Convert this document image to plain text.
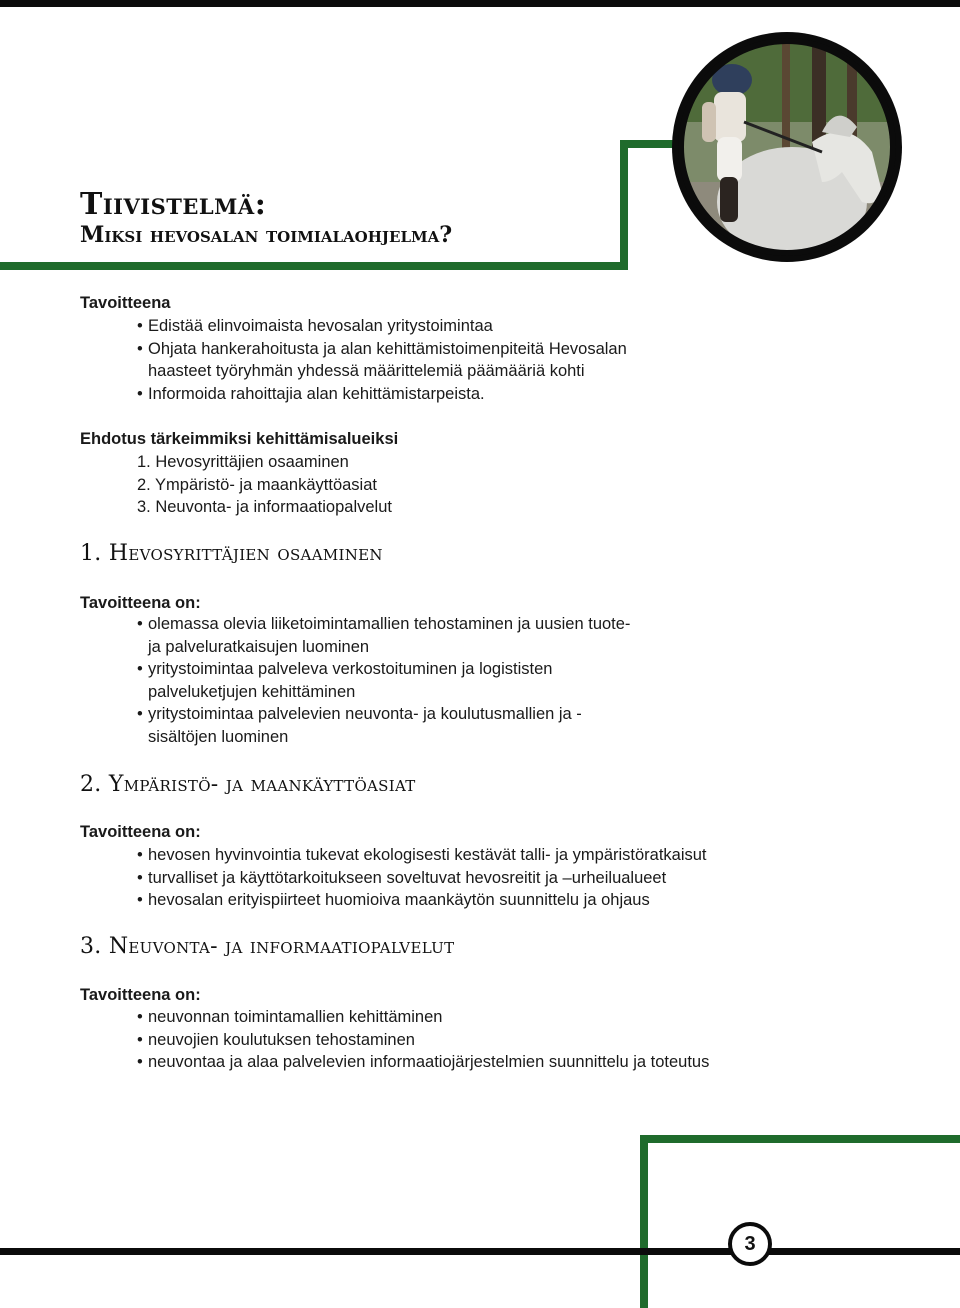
Tiivistelmä:
Miksi hevosalan toimialaohjelma?

Tavoitteena

• Edistää elinvoimaista hevosalan yritystoimintaa
• Ohjata hankerahoitusta ja alan kehittämistoimenpiteitä Hevosalan haasteet työryhmän yhdessä määrittelemiä päämääriä kohti
• Informoida rahoittajia alan kehittämistarpeista.

Ehdotus tärkeimmiksi kehittämisalueiksi

1. Hevosyrittäjien osaaminen
2. Ympäristö- ja maankäyttöasiat
3. Neuvonta- ja informaatiopalvelut
1. Hevosyrittäjien osaaminen

Tavoitteena on:

• olemassa olevia liiketoimintamallien tehostaminen ja uusien tuote- ja palveluratkaisujen luominen
• yritystoimintaa palveleva verkostoituminen ja logististen palveluketjujen kehittäminen
• yritystoimintaa palvelevien neuvonta- ja koulutusmallien ja -sisältöjen luominen
2. Ympäristö- ja maankäyttöasiat

Tavoitteena on:

• hevosen hyvinvointia tukevat ekologisesti kestävät talli- ja ympäristöratkaisut
• turvalliset ja käyttötarkoitukseen soveltuvat hevosreitit ja –urheilualueet
• hevosalan erityispiirteet huomioiva maankäytön suunnittelu ja ohjaus
3. Neuvonta- ja informaatiopalvelut

Tavoitteena on:

• neuvonnan toimintamallien kehittäminen
• neuvojien koulutuksen tehostaminen
• neuvontaa ja alaa palvelevien informaatiojärjestelmien suunnittelu ja toteutus
3
